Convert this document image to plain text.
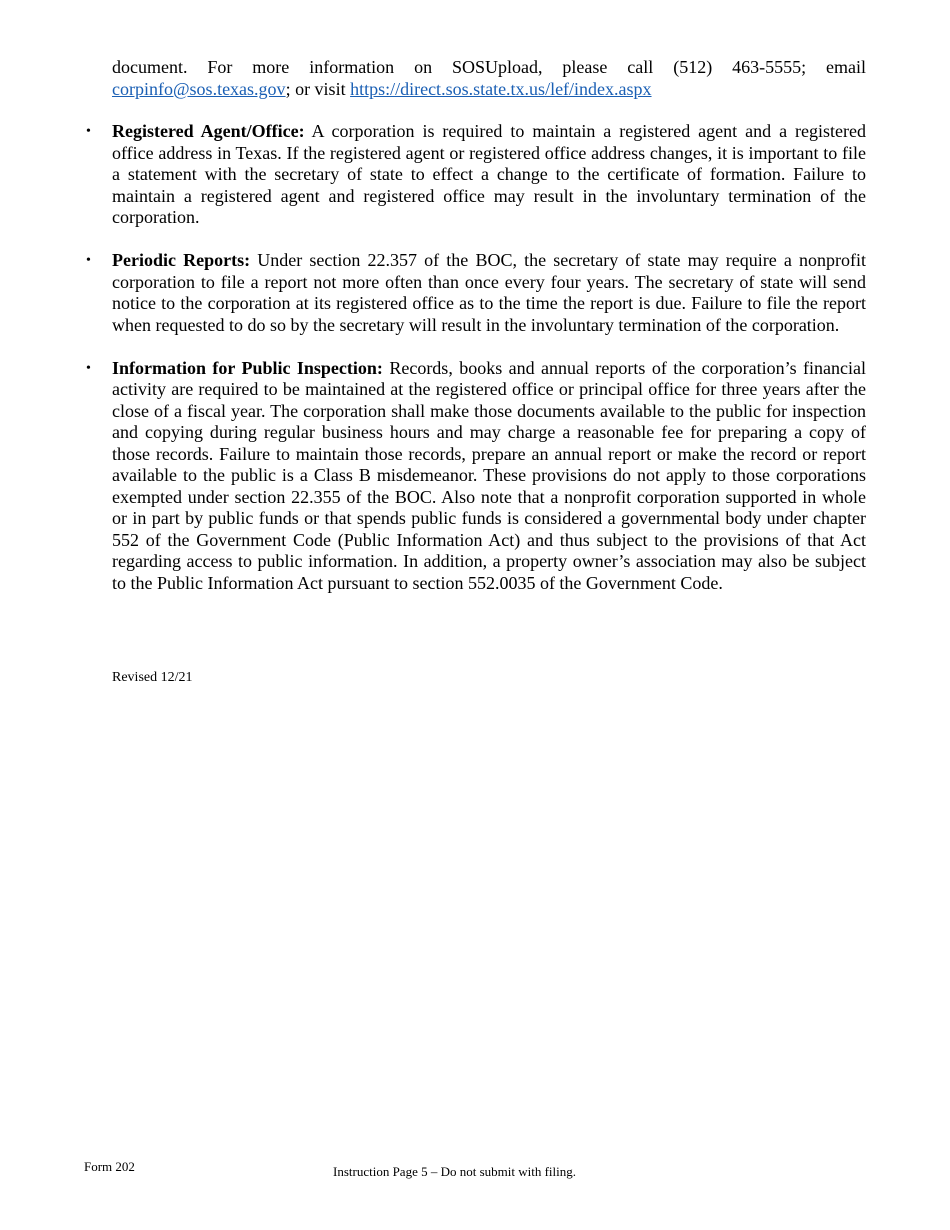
document. For more information on SOSUpload, please call (512) 463-5555; email corpinfo@sos.texas.gov; or visit https://direct.sos.state.tx.us/lef/index.aspx

• Registered Agent/Office: A corporation is required to maintain a registered agent and a registered office address in Texas. If the registered agent or registered office address changes, it is important to file a statement with the secretary of state to effect a change to the certificate of formation. Failure to maintain a registered agent and registered office may result in the involuntary termination of the corporation.
• Periodic Reports: Under section 22.357 of the BOC, the secretary of state may require a nonprofit corporation to file a report not more often than once every four years. The secretary of state will send notice to the corporation at its registered office as to the time the report is due. Failure to file the report when requested to do so by the secretary will result in the involuntary termination of the corporation.
• Information for Public Inspection: Records, books and annual reports of the corporation’s financial activity are required to be maintained at the registered office or principal office for three years after the close of a fiscal year. The corporation shall make those documents available to the public for inspection and copying during regular business hours and may charge a reasonable fee for preparing a copy of those records. Failure to maintain those records, prepare an annual report or make the record or report available to the public is a Class B misdemeanor. These provisions do not apply to those corporations exempted under section 22.355 of the BOC. Also note that a nonprofit corporation supported in whole or in part by public funds or that spends public funds is considered a governmental body under chapter 552 of the Government Code (Public Information Act) and thus subject to the provisions of that Act regarding access to public information. In addition, a property owner’s association may also be subject to the Public Information Act pursuant to section 552.0035 of the Government Code.

Revised 12/21

Form 202	Instruction Page 5 – Do not submit with filing.
